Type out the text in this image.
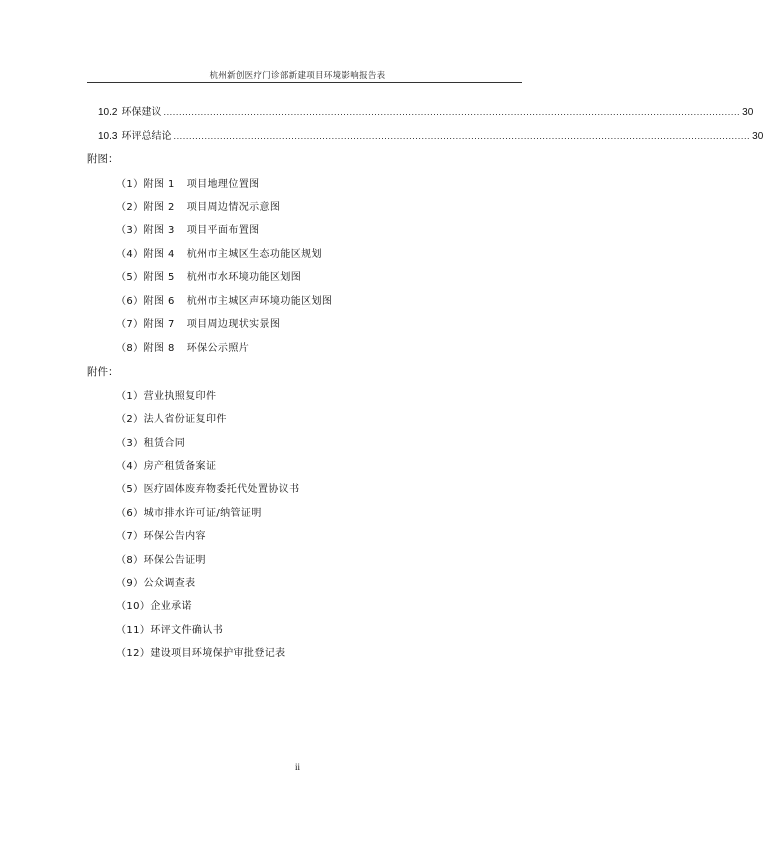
杭州新创医疗门诊部新建项目环境影响报告表
10.2 环保建议 .......................................................................................................................................................................................... 30
10.3 环评总结论 .......................................................................................................................................................................................... 30
附图：
（1）附图 1 项目地理位置图
（2）附图 2 项目周边情况示意图
（3）附图 3 项目平面布置图
（4）附图 4 杭州市主城区生态功能区规划
（5）附图 5 杭州市水环境功能区划图
（6）附图 6 杭州市主城区声环境功能区划图
（7）附图 7 项目周边现状实景图
（8）附图 8 环保公示照片
附件：
（1）营业执照复印件
（2）法人省份证复印件
（3）租赁合同
（4）房产租赁备案证
（5）医疗固体废弃物委托代处置协议书
（6）城市排水许可证/纳管证明
（7）环保公告内容
（8）环保公告证明
（9）公众调查表
（10）企业承诺
（11）环评文件确认书
（12）建设项目环境保护审批登记表
ii
